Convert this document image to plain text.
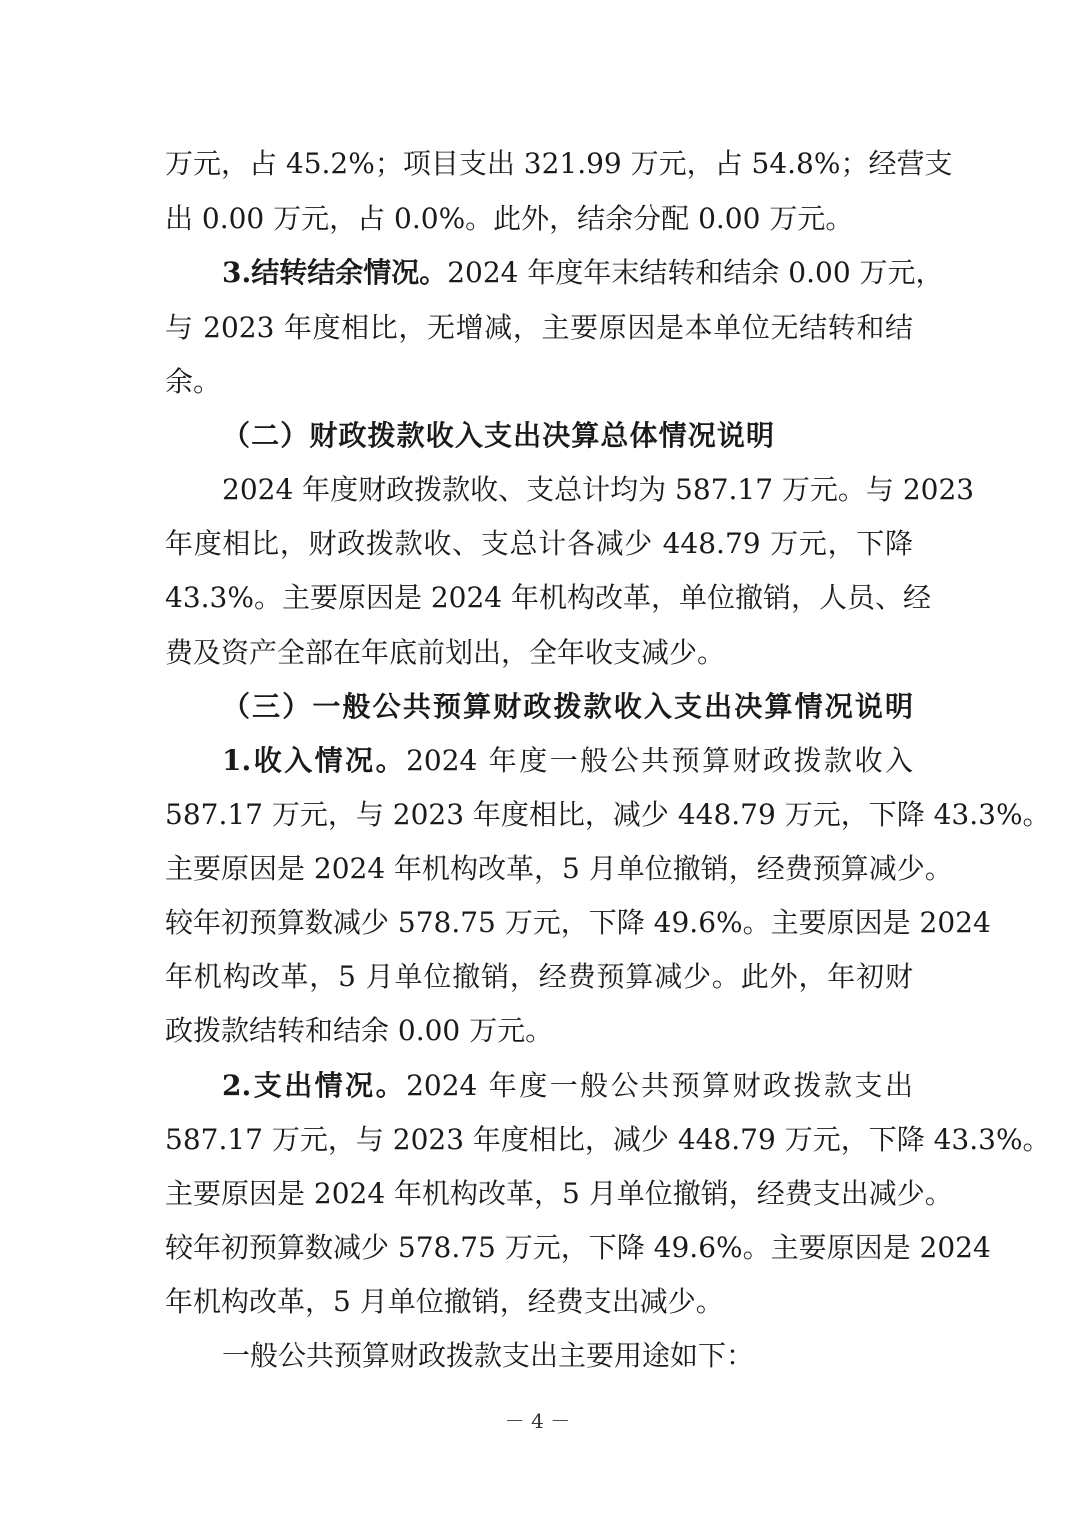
万元，占 45.2%；项目支出 321.99 万元，占 54.8%；经营支
出 0.00 万元，占 0.0%。此外，结余分配 0.00 万元。
3.结转结余情况。2024 年度年末结转和结余 0.00 万元，
与 2023 年度相比，无增减，主要原因是本单位无结转和结
余。
（二）财政拨款收入支出决算总体情况说明
2024 年度财政拨款收、支总计均为 587.17 万元。与 2023
年度相比，财政拨款收、支总计各减少 448.79 万元，下降
43.3%。主要原因是 2024 年机构改革，单位撤销，人员、经
费及资产全部在年底前划出，全年收支减少。
（三）一般公共预算财政拨款收入支出决算情况说明
1.收入情况。2024 年度一般公共预算财政拨款收入
587.17 万元，与 2023 年度相比，减少 448.79 万元，下降 43.3%。
主要原因是 2024 年机构改革，5 月单位撤销，经费预算减少。
较年初预算数减少 578.75 万元，下降 49.6%。主要原因是 2024
年机构改革，5 月单位撤销，经费预算减少。此外，年初财
政拨款结转和结余 0.00 万元。
2.支出情况。2024 年度一般公共预算财政拨款支出
587.17 万元，与 2023 年度相比，减少 448.79 万元，下降 43.3%。
主要原因是 2024 年机构改革，5 月单位撤销，经费支出减少。
较年初预算数减少 578.75 万元，下降 49.6%。主要原因是 2024
年机构改革，5 月单位撤销，经费支出减少。
一般公共预算财政拨款支出主要用途如下：
－ 4 －
